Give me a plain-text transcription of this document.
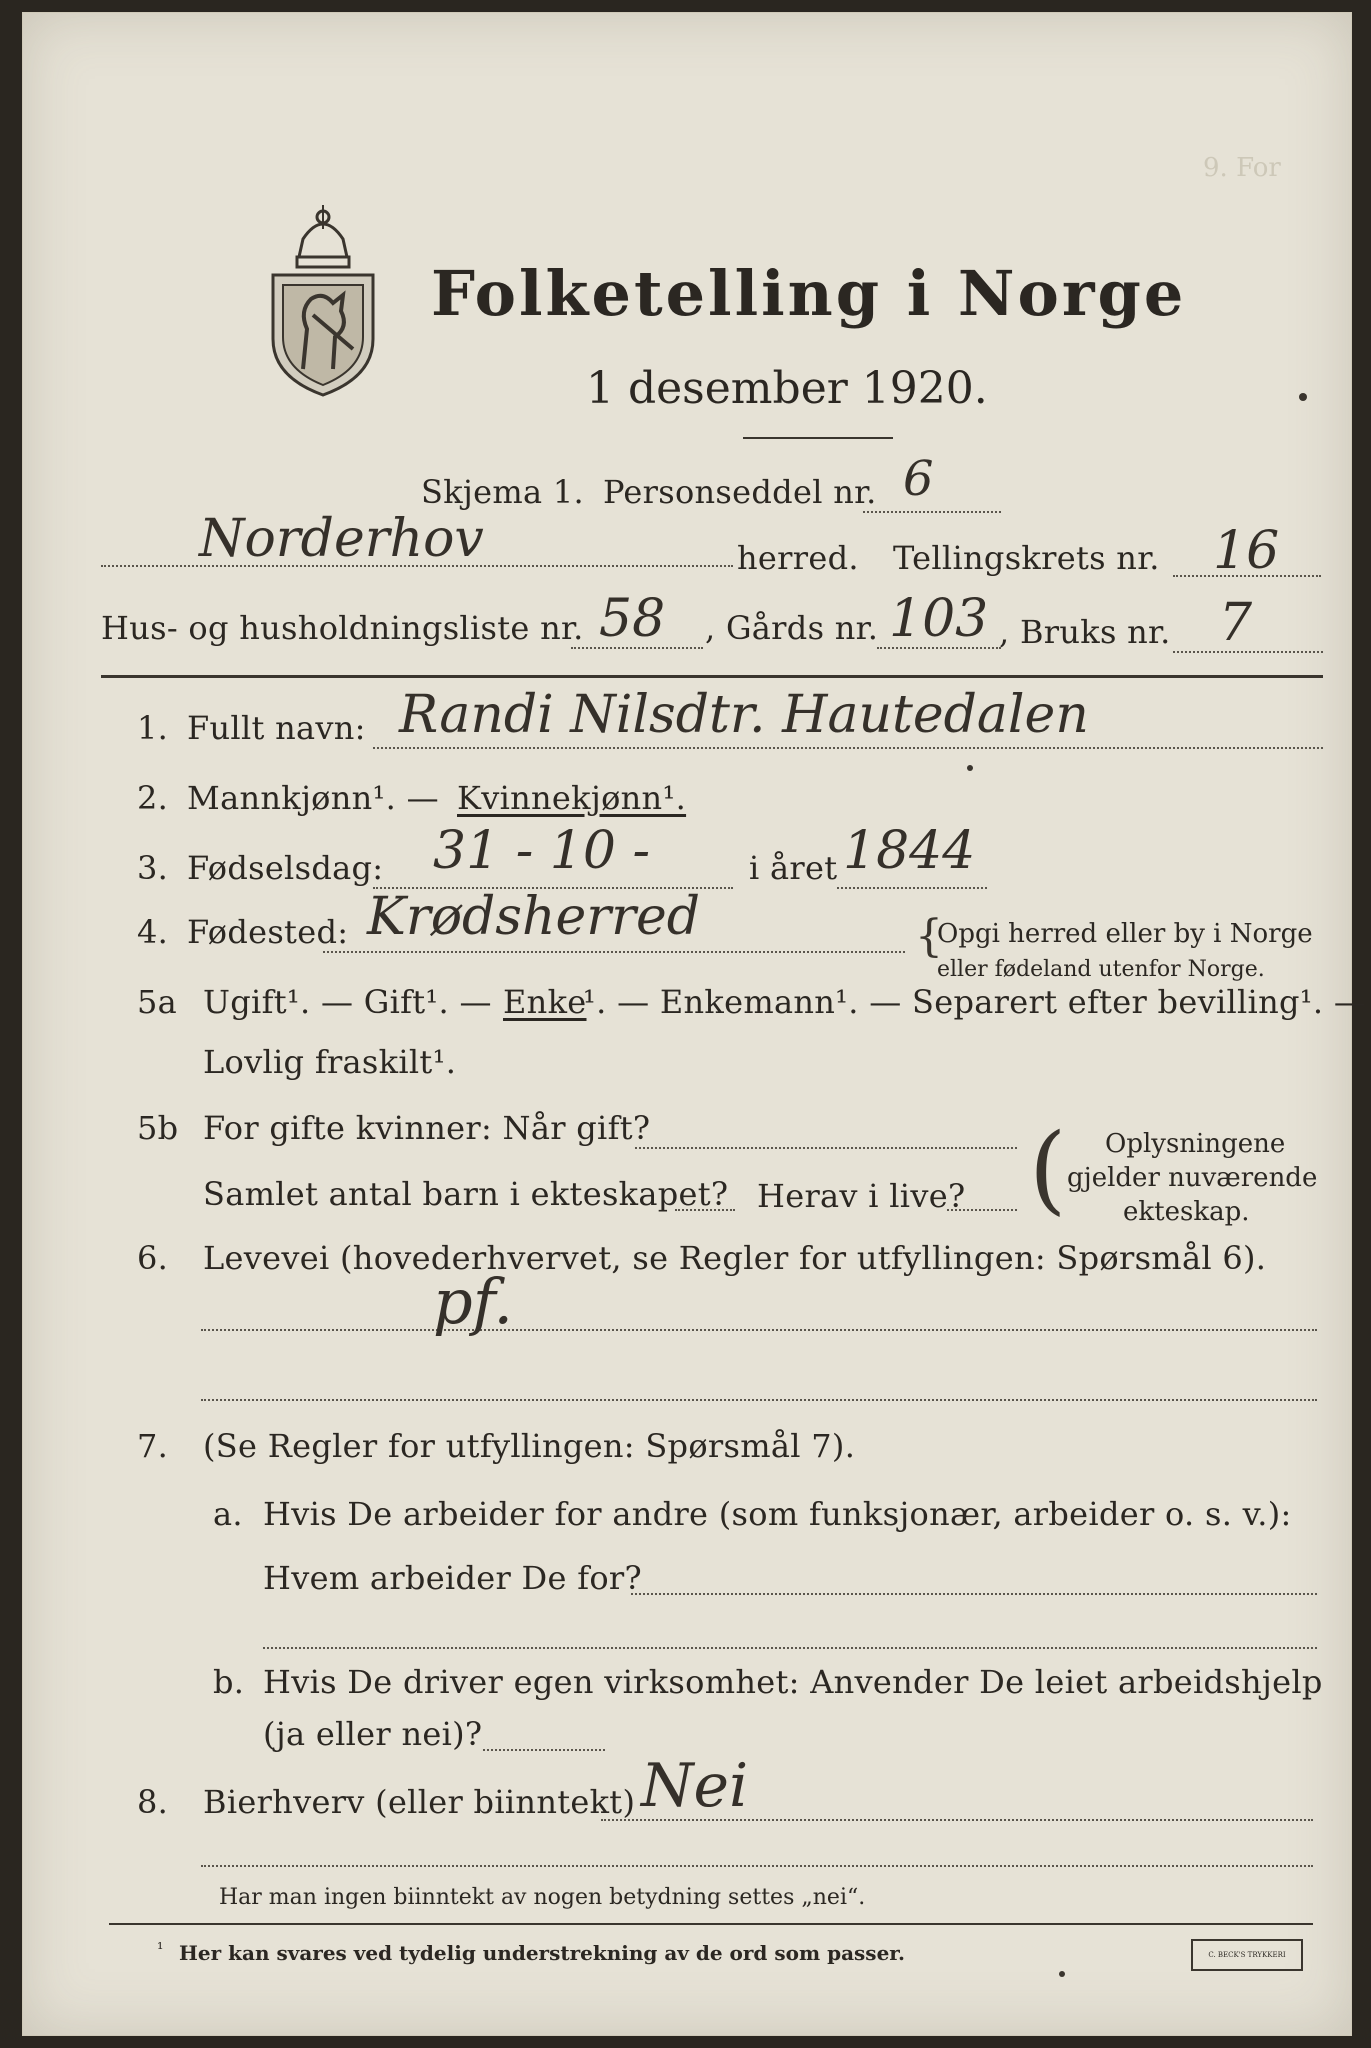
9. For
Folketelling i Norge
1 desember 1920.
Skjema 1. Personseddel nr. 6
Norderhov	herred. Tellingskrets nr. 16
Hus- og husholdningsliste nr. 58 , Gårds nr. 103 , Bruks nr. 7
1. Fullt navn: Randi Nilsdtr. Hautedalen
2. Mannkjønn¹. — Kvinnekjønn¹.
3. Fødselsdag: 31 - 10 -	i året 1844
4. Fødested: Krødsherred	{
Opgi herred eller by i Norge
eller fødeland utenfor Norge.
5a Ugift¹. — Gift¹. — Enke
¹. — Enkemann¹. — Separert efter bevilling¹. —
Lovlig fraskilt¹.
5b For gifte kvinner: Når gift?
Samlet antal barn i ekteskapet? Herav i live? ( Oplysningene
gjelder nuværende
ekteskap.
6. Levevei (hovederhvervet, se Regler for utfyllingen: Spørsmål 6).
pf.
7. (Se Regler for utfyllingen: Spørsmål 7).
a. Hvis De arbeider for andre (som funksjonær, arbeider o. s. v.):
Hvem arbeider De for?
b. Hvis De driver egen virksomhet: Anvender De leiet arbeidshjelp
(ja eller nei)?
8. Bierhverv (eller biinntekt) Nei
Har man ingen biinntekt av nogen betydning settes „nei“.
¹ Her kan svares ved tydelig understrekning av de ord som passer.	C. BECK'S TRYKKERI
